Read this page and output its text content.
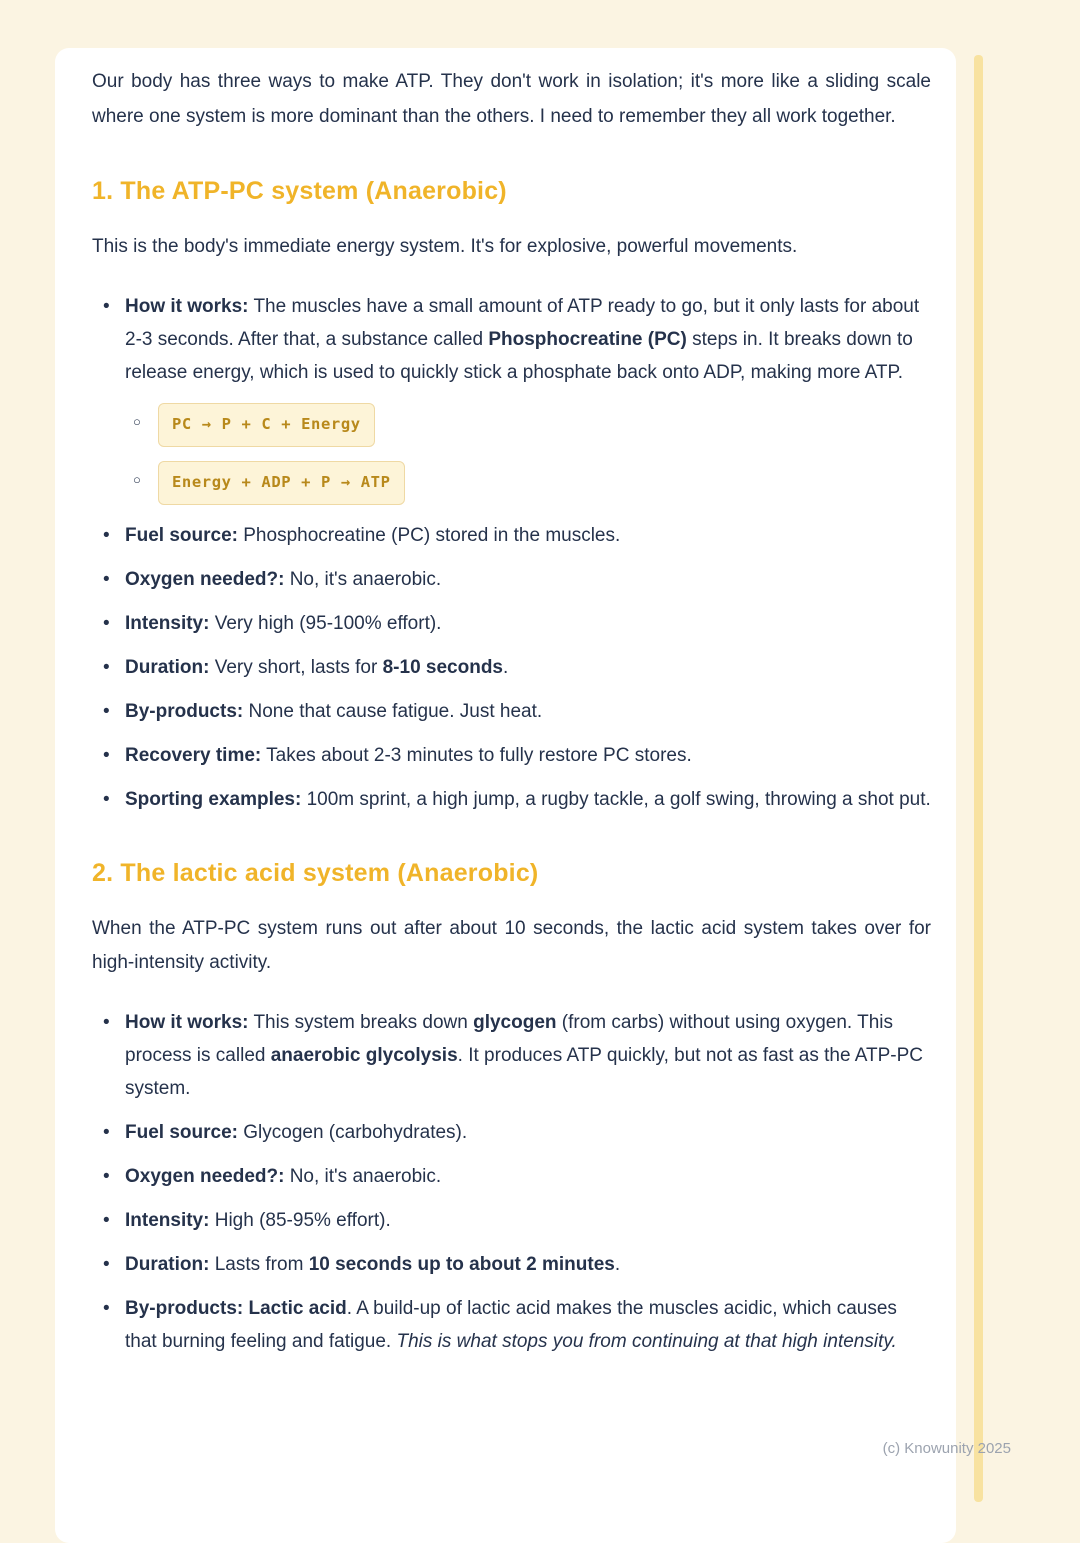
Our body has three ways to make ATP. They don't work in isolation; it's more like a sliding scale where one system is more dominant than the others. I need to remember they all work together.

1. The ATP-PC system (Anaerobic)

This is the body's immediate energy system. It's for explosive, powerful movements.

• How it works: The muscles have a small amount of ATP ready to go, but it only lasts for about 2-3 seconds. After that, a substance called Phosphocreatine (PC) steps in. It breaks down to release energy, which is used to quickly stick a phosphate back onto ADP, making more ATP.
○ PC → P + C + Energy
○ Energy + ADP + P → ATP
• Fuel source: Phosphocreatine (PC) stored in the muscles.
• Oxygen needed?: No, it's anaerobic.
• Intensity: Very high (95-100% effort).
• Duration: Very short, lasts for 8-10 seconds.
• By-products: None that cause fatigue. Just heat.
• Recovery time: Takes about 2-3 minutes to fully restore PC stores.
• Sporting examples: 100m sprint, a high jump, a rugby tackle, a golf swing, throwing a shot put.
2. The lactic acid system (Anaerobic)

When the ATP-PC system runs out after about 10 seconds, the lactic acid system takes over for high-intensity activity.

• How it works: This system breaks down glycogen (from carbs) without using oxygen. This process is called anaerobic glycolysis. It produces ATP quickly, but not as fast as the ATP-PC system.
• Fuel source: Glycogen (carbohydrates).
• Oxygen needed?: No, it's anaerobic.
• Intensity: High (85-95% effort).
• Duration: Lasts from 10 seconds up to about 2 minutes.
• By-products: Lactic acid. A build-up of lactic acid makes the muscles acidic, which causes that burning feeling and fatigue. This is what stops you from continuing at that high intensity.
(c) Knowunity 2025
